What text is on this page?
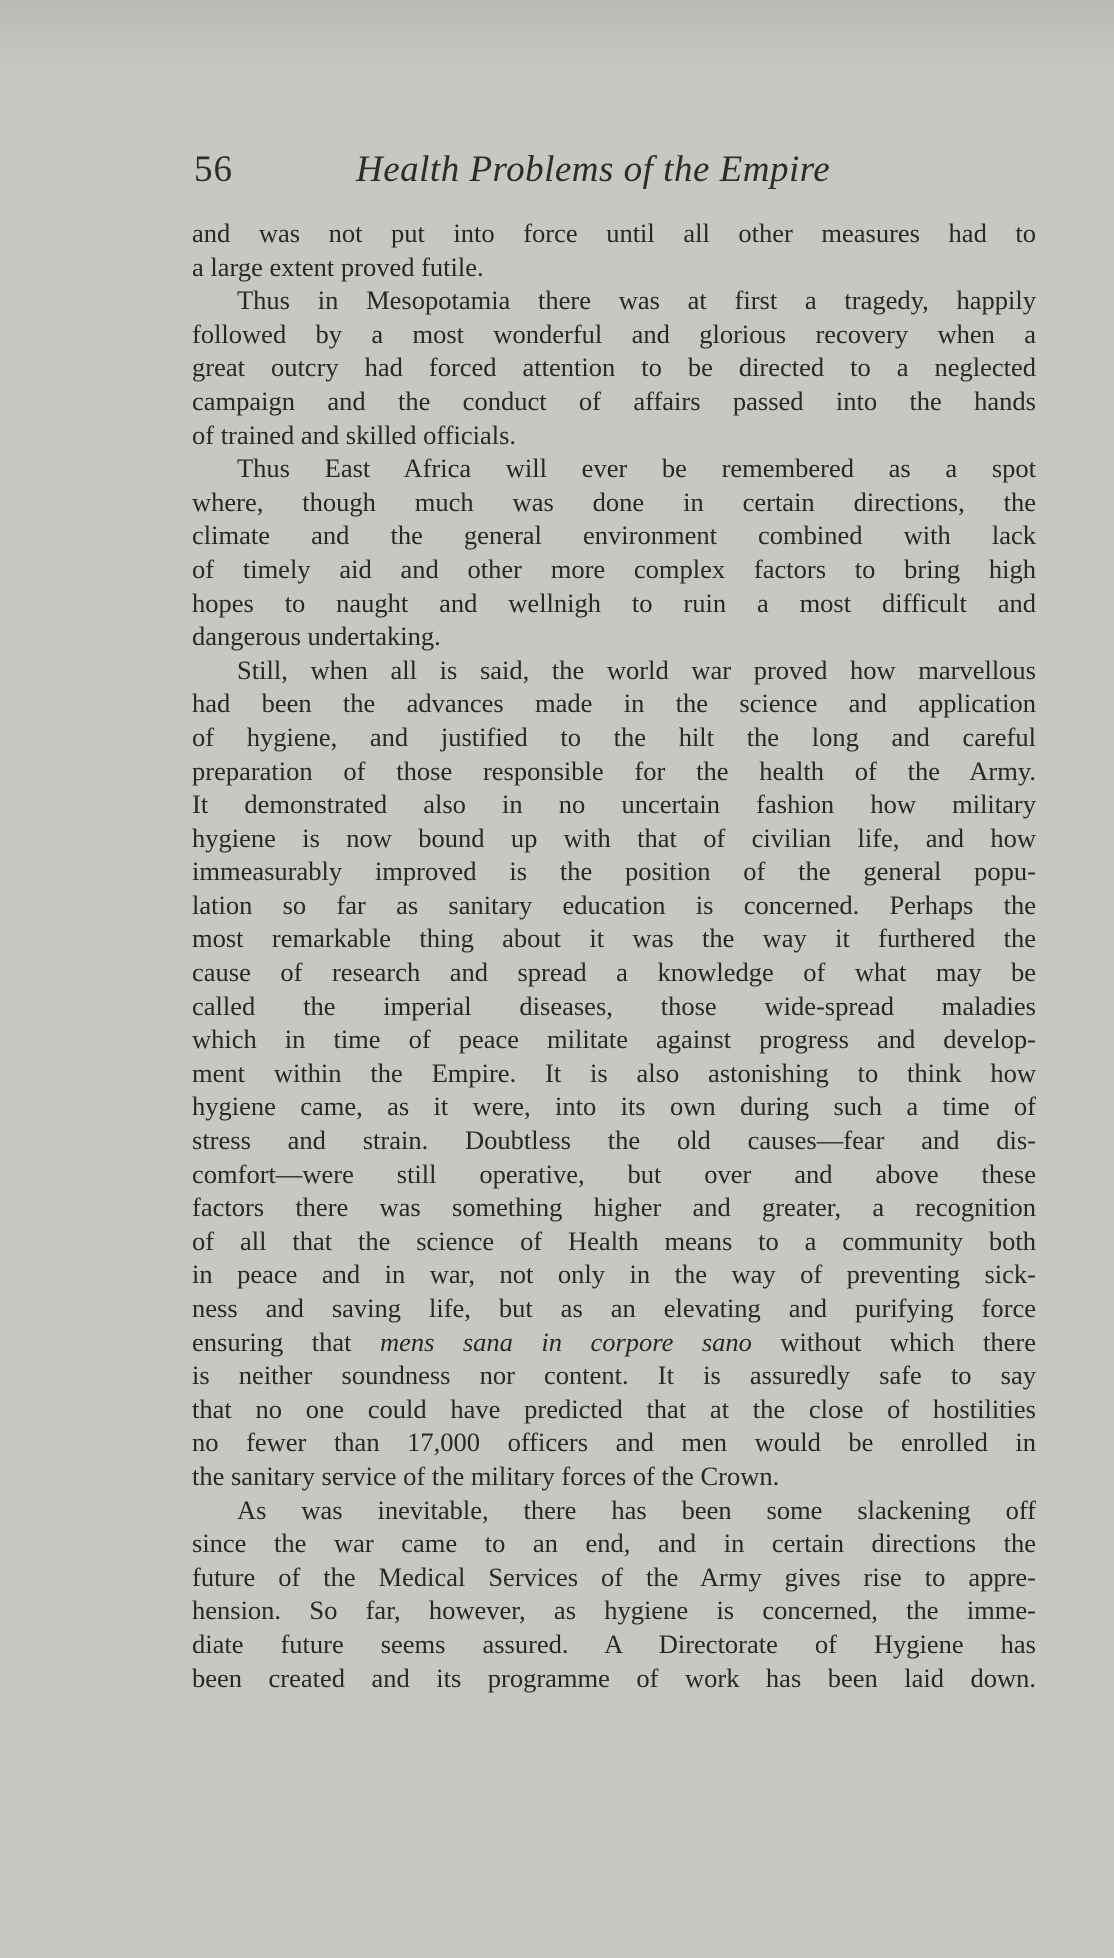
56	Health Problems of the Empire
and was not put into force until all other measures had to
a large extent proved futile.
Thus in Mesopotamia there was at first a tragedy, happily
followed by a most wonderful and glorious recovery when a
great outcry had forced attention to be directed to a neglected
campaign and the conduct of affairs passed into the hands
of trained and skilled officials.
Thus East Africa will ever be remembered as a spot
where, though much was done in certain directions, the
climate and the general environment combined with lack
of timely aid and other more complex factors to bring high
hopes to naught and wellnigh to ruin a most difficult and
dangerous undertaking.
Still, when all is said, the world war proved how marvellous
had been the advances made in the science and application
of hygiene, and justified to the hilt the long and careful
preparation of those responsible for the health of the Army.
It demonstrated also in no uncertain fashion how military
hygiene is now bound up with that of civilian life, and how
immeasurably improved is the position of the general popu-
lation so far as sanitary education is concerned. Perhaps the
most remarkable thing about it was the way it furthered the
cause of research and spread a knowledge of what may be
called the imperial diseases, those wide-spread maladies
which in time of peace militate against progress and develop-
ment within the Empire. It is also astonishing to think how
hygiene came, as it were, into its own during such a time of
stress and strain. Doubtless the old causes—fear and dis-
comfort—were still operative, but over and above these
factors there was something higher and greater, a recognition
of all that the science of Health means to a community both
in peace and in war, not only in the way of preventing sick-
ness and saving life, but as an elevating and purifying force
ensuring that mens sana in corpore sano without which there
is neither soundness nor content. It is assuredly safe to say
that no one could have predicted that at the close of hostilities
no fewer than 17,000 officers and men would be enrolled in
the sanitary service of the military forces of the Crown.
As was inevitable, there has been some slackening off
since the war came to an end, and in certain directions the
future of the Medical Services of the Army gives rise to appre-
hension. So far, however, as hygiene is concerned, the imme-
diate future seems assured. A Directorate of Hygiene has
been created and its programme of work has been laid down.
